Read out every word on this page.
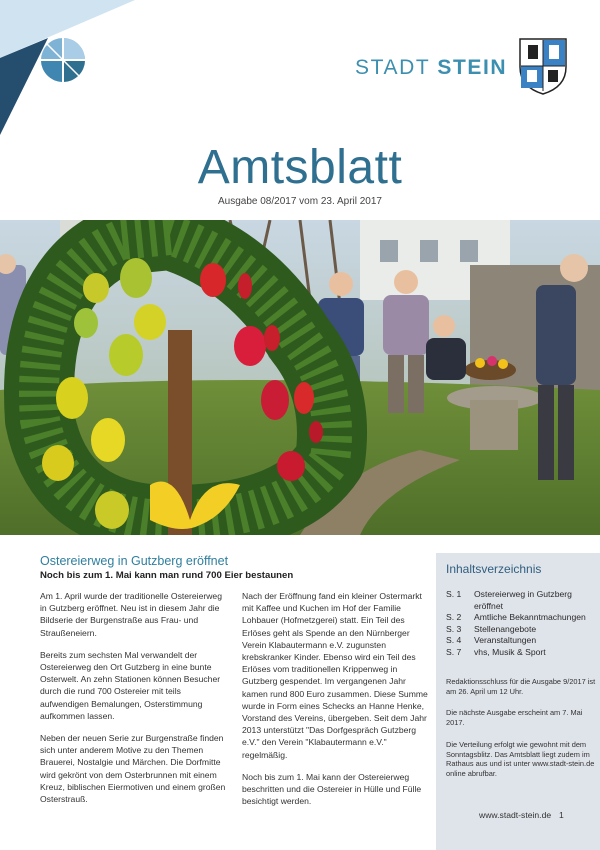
STADT STEIN
Amtsblatt
Ausgabe 08/2017 vom 23. April 2017
Ostereierweg in Gutzberg eröffnet
Noch bis zum 1. Mai kann man rund 700 Eier bestaunen

Am 1. April wurde der traditionelle Ostereierweg in Gutzberg eröffnet. Neu ist in diesem Jahr die Bildserie der Burgenstraße aus Frau- und Straußeneiern.

Bereits zum sechsten Mal verwandelt der Ostereierweg den Ort Gutzberg in eine bunte Osterwelt. An zehn Stationen können Besucher durch die rund 700 Ostereier mit teils aufwendigen Bemalungen, Osterstimmung aufkommen lassen.

Neben der neuen Serie zur Burgenstraße finden sich unter anderem Motive zu den Themen Brauerei, Nostalgie und Märchen. Die Dorfmitte wird gekrönt von dem Osterbrunnen mit einem Kreuz, biblischen Eiermotiven und einem großen Osterstrauß.

Nach der Eröffnung fand ein kleiner Ostermarkt mit Kaffee und Kuchen im Hof der Familie Lohbauer (Hofmetzgerei) statt. Ein Teil des Erlöses geht als Spende an den Nürnberger Verein Klabautermann e.V. zugunsten krebskranker Kinder. Ebenso wird ein Teil des Erlöses vom traditionellen Krippenweg in Gutzberg gespendet. Im vergangenen Jahr kamen rund 800 Euro zusammen. Diese Summe wurde in Form eines Schecks an Hanne Henke, Vorstand des Vereins, übergeben. Seit dem Jahr 2013 unterstützt "Das Dorfgespräch Gutzberg e.V." den Verein "Klabautermann e.V." regelmäßig.

Noch bis zum 1. Mai kann der Ostereierweg beschritten und die Ostereier in Hülle und Fülle besichtigt werden.

Inhaltsverzeichnis
S. 1	Ostereierweg in Gutzberg
eröffnet
S. 2	Amtliche Bekanntmachungen
S. 3	Stellenangebote
S. 4	Veranstaltungen
S. 7	vhs, Musik & Sport
Redaktionsschluss für die Ausgabe 9/2017 ist am 26. April um 12 Uhr.
Die nächste Ausgabe erscheint am 7. Mai 2017.
Die Verteilung erfolgt wie gewohnt mit dem Sonntagsblitz. Das Amtsblatt liegt zudem im Rathaus aus und ist unter www.stadt-stein.de online abrufbar.
www.stadt-stein.de 1
